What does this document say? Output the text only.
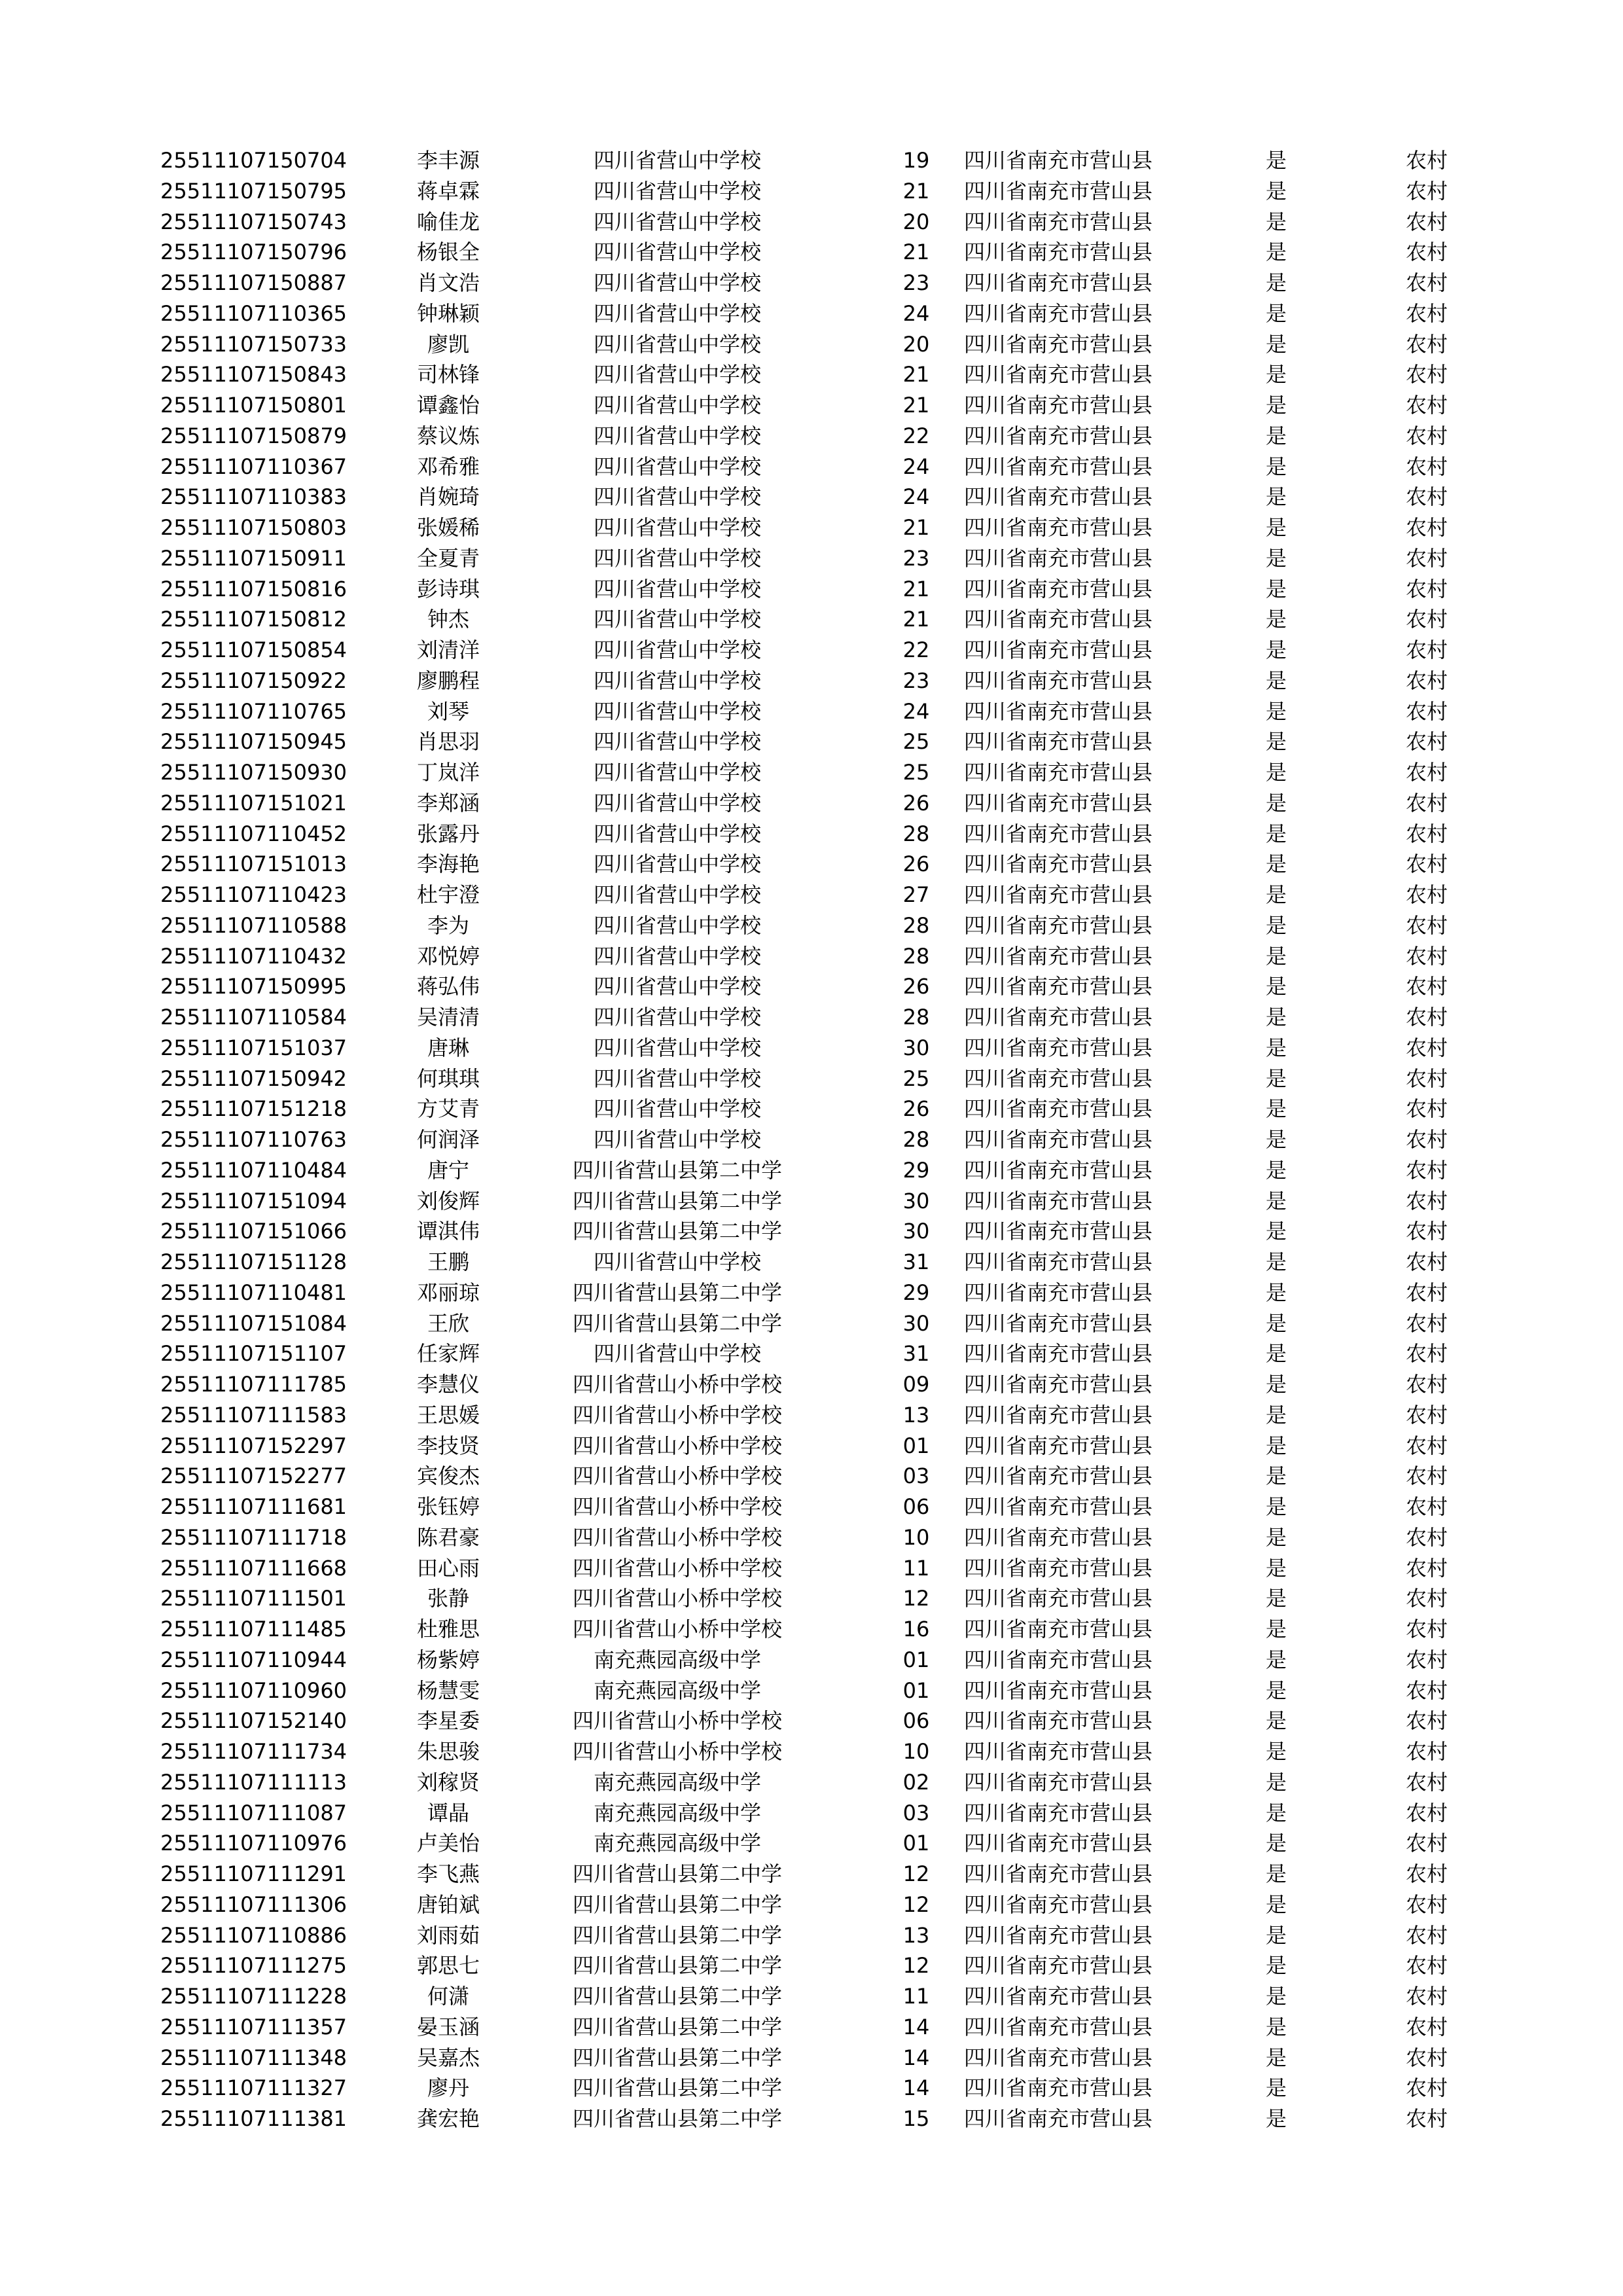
25511107150704	李丰源	四川省营山中学校	19	四川省南充市营山县	是	农村
25511107150795	蒋卓霖	四川省营山中学校	21	四川省南充市营山县	是	农村
25511107150743	喻佳龙	四川省营山中学校	20	四川省南充市营山县	是	农村
25511107150796	杨银全	四川省营山中学校	21	四川省南充市营山县	是	农村
25511107150887	肖文浩	四川省营山中学校	23	四川省南充市营山县	是	农村
25511107110365	钟琳颖	四川省营山中学校	24	四川省南充市营山县	是	农村
25511107150733	廖凯	四川省营山中学校	20	四川省南充市营山县	是	农村
25511107150843	司林锋	四川省营山中学校	21	四川省南充市营山县	是	农村
25511107150801	谭鑫怡	四川省营山中学校	21	四川省南充市营山县	是	农村
25511107150879	蔡议炼	四川省营山中学校	22	四川省南充市营山县	是	农村
25511107110367	邓希雅	四川省营山中学校	24	四川省南充市营山县	是	农村
25511107110383	肖婉琦	四川省营山中学校	24	四川省南充市营山县	是	农村
25511107150803	张媛稀	四川省营山中学校	21	四川省南充市营山县	是	农村
25511107150911	全夏青	四川省营山中学校	23	四川省南充市营山县	是	农村
25511107150816	彭诗琪	四川省营山中学校	21	四川省南充市营山县	是	农村
25511107150812	钟杰	四川省营山中学校	21	四川省南充市营山县	是	农村
25511107150854	刘清洋	四川省营山中学校	22	四川省南充市营山县	是	农村
25511107150922	廖鹏程	四川省营山中学校	23	四川省南充市营山县	是	农村
25511107110765	刘琴	四川省营山中学校	24	四川省南充市营山县	是	农村
25511107150945	肖思羽	四川省营山中学校	25	四川省南充市营山县	是	农村
25511107150930	丁岚洋	四川省营山中学校	25	四川省南充市营山县	是	农村
25511107151021	李郑涵	四川省营山中学校	26	四川省南充市营山县	是	农村
25511107110452	张露丹	四川省营山中学校	28	四川省南充市营山县	是	农村
25511107151013	李海艳	四川省营山中学校	26	四川省南充市营山县	是	农村
25511107110423	杜宇澄	四川省营山中学校	27	四川省南充市营山县	是	农村
25511107110588	李为	四川省营山中学校	28	四川省南充市营山县	是	农村
25511107110432	邓悦婷	四川省营山中学校	28	四川省南充市营山县	是	农村
25511107150995	蒋弘伟	四川省营山中学校	26	四川省南充市营山县	是	农村
25511107110584	吴清清	四川省营山中学校	28	四川省南充市营山县	是	农村
25511107151037	唐琳	四川省营山中学校	30	四川省南充市营山县	是	农村
25511107150942	何琪琪	四川省营山中学校	25	四川省南充市营山县	是	农村
25511107151218	方艾青	四川省营山中学校	26	四川省南充市营山县	是	农村
25511107110763	何润泽	四川省营山中学校	28	四川省南充市营山县	是	农村
25511107110484	唐宁	四川省营山县第二中学	29	四川省南充市营山县	是	农村
25511107151094	刘俊辉	四川省营山县第二中学	30	四川省南充市营山县	是	农村
25511107151066	谭淇伟	四川省营山县第二中学	30	四川省南充市营山县	是	农村
25511107151128	王鹏	四川省营山中学校	31	四川省南充市营山县	是	农村
25511107110481	邓丽琼	四川省营山县第二中学	29	四川省南充市营山县	是	农村
25511107151084	王欣	四川省营山县第二中学	30	四川省南充市营山县	是	农村
25511107151107	任家辉	四川省营山中学校	31	四川省南充市营山县	是	农村
25511107111785	李慧仪	四川省营山小桥中学校	09	四川省南充市营山县	是	农村
25511107111583	王思媛	四川省营山小桥中学校	13	四川省南充市营山县	是	农村
25511107152297	李技贤	四川省营山小桥中学校	01	四川省南充市营山县	是	农村
25511107152277	宾俊杰	四川省营山小桥中学校	03	四川省南充市营山县	是	农村
25511107111681	张钰婷	四川省营山小桥中学校	06	四川省南充市营山县	是	农村
25511107111718	陈君豪	四川省营山小桥中学校	10	四川省南充市营山县	是	农村
25511107111668	田心雨	四川省营山小桥中学校	11	四川省南充市营山县	是	农村
25511107111501	张静	四川省营山小桥中学校	12	四川省南充市营山县	是	农村
25511107111485	杜雅思	四川省营山小桥中学校	16	四川省南充市营山县	是	农村
25511107110944	杨紫婷	南充燕园高级中学	01	四川省南充市营山县	是	农村
25511107110960	杨慧雯	南充燕园高级中学	01	四川省南充市营山县	是	农村
25511107152140	李星委	四川省营山小桥中学校	06	四川省南充市营山县	是	农村
25511107111734	朱思骏	四川省营山小桥中学校	10	四川省南充市营山县	是	农村
25511107111113	刘稼贤	南充燕园高级中学	02	四川省南充市营山县	是	农村
25511107111087	谭晶	南充燕园高级中学	03	四川省南充市营山县	是	农村
25511107110976	卢美怡	南充燕园高级中学	01	四川省南充市营山县	是	农村
25511107111291	李飞燕	四川省营山县第二中学	12	四川省南充市营山县	是	农村
25511107111306	唐铂斌	四川省营山县第二中学	12	四川省南充市营山县	是	农村
25511107110886	刘雨茹	四川省营山县第二中学	13	四川省南充市营山县	是	农村
25511107111275	郭思七	四川省营山县第二中学	12	四川省南充市营山县	是	农村
25511107111228	何潇	四川省营山县第二中学	11	四川省南充市营山县	是	农村
25511107111357	晏玉涵	四川省营山县第二中学	14	四川省南充市营山县	是	农村
25511107111348	吴嘉杰	四川省营山县第二中学	14	四川省南充市营山县	是	农村
25511107111327	廖丹	四川省营山县第二中学	14	四川省南充市营山县	是	农村
25511107111381	龚宏艳	四川省营山县第二中学	15	四川省南充市营山县	是	农村
